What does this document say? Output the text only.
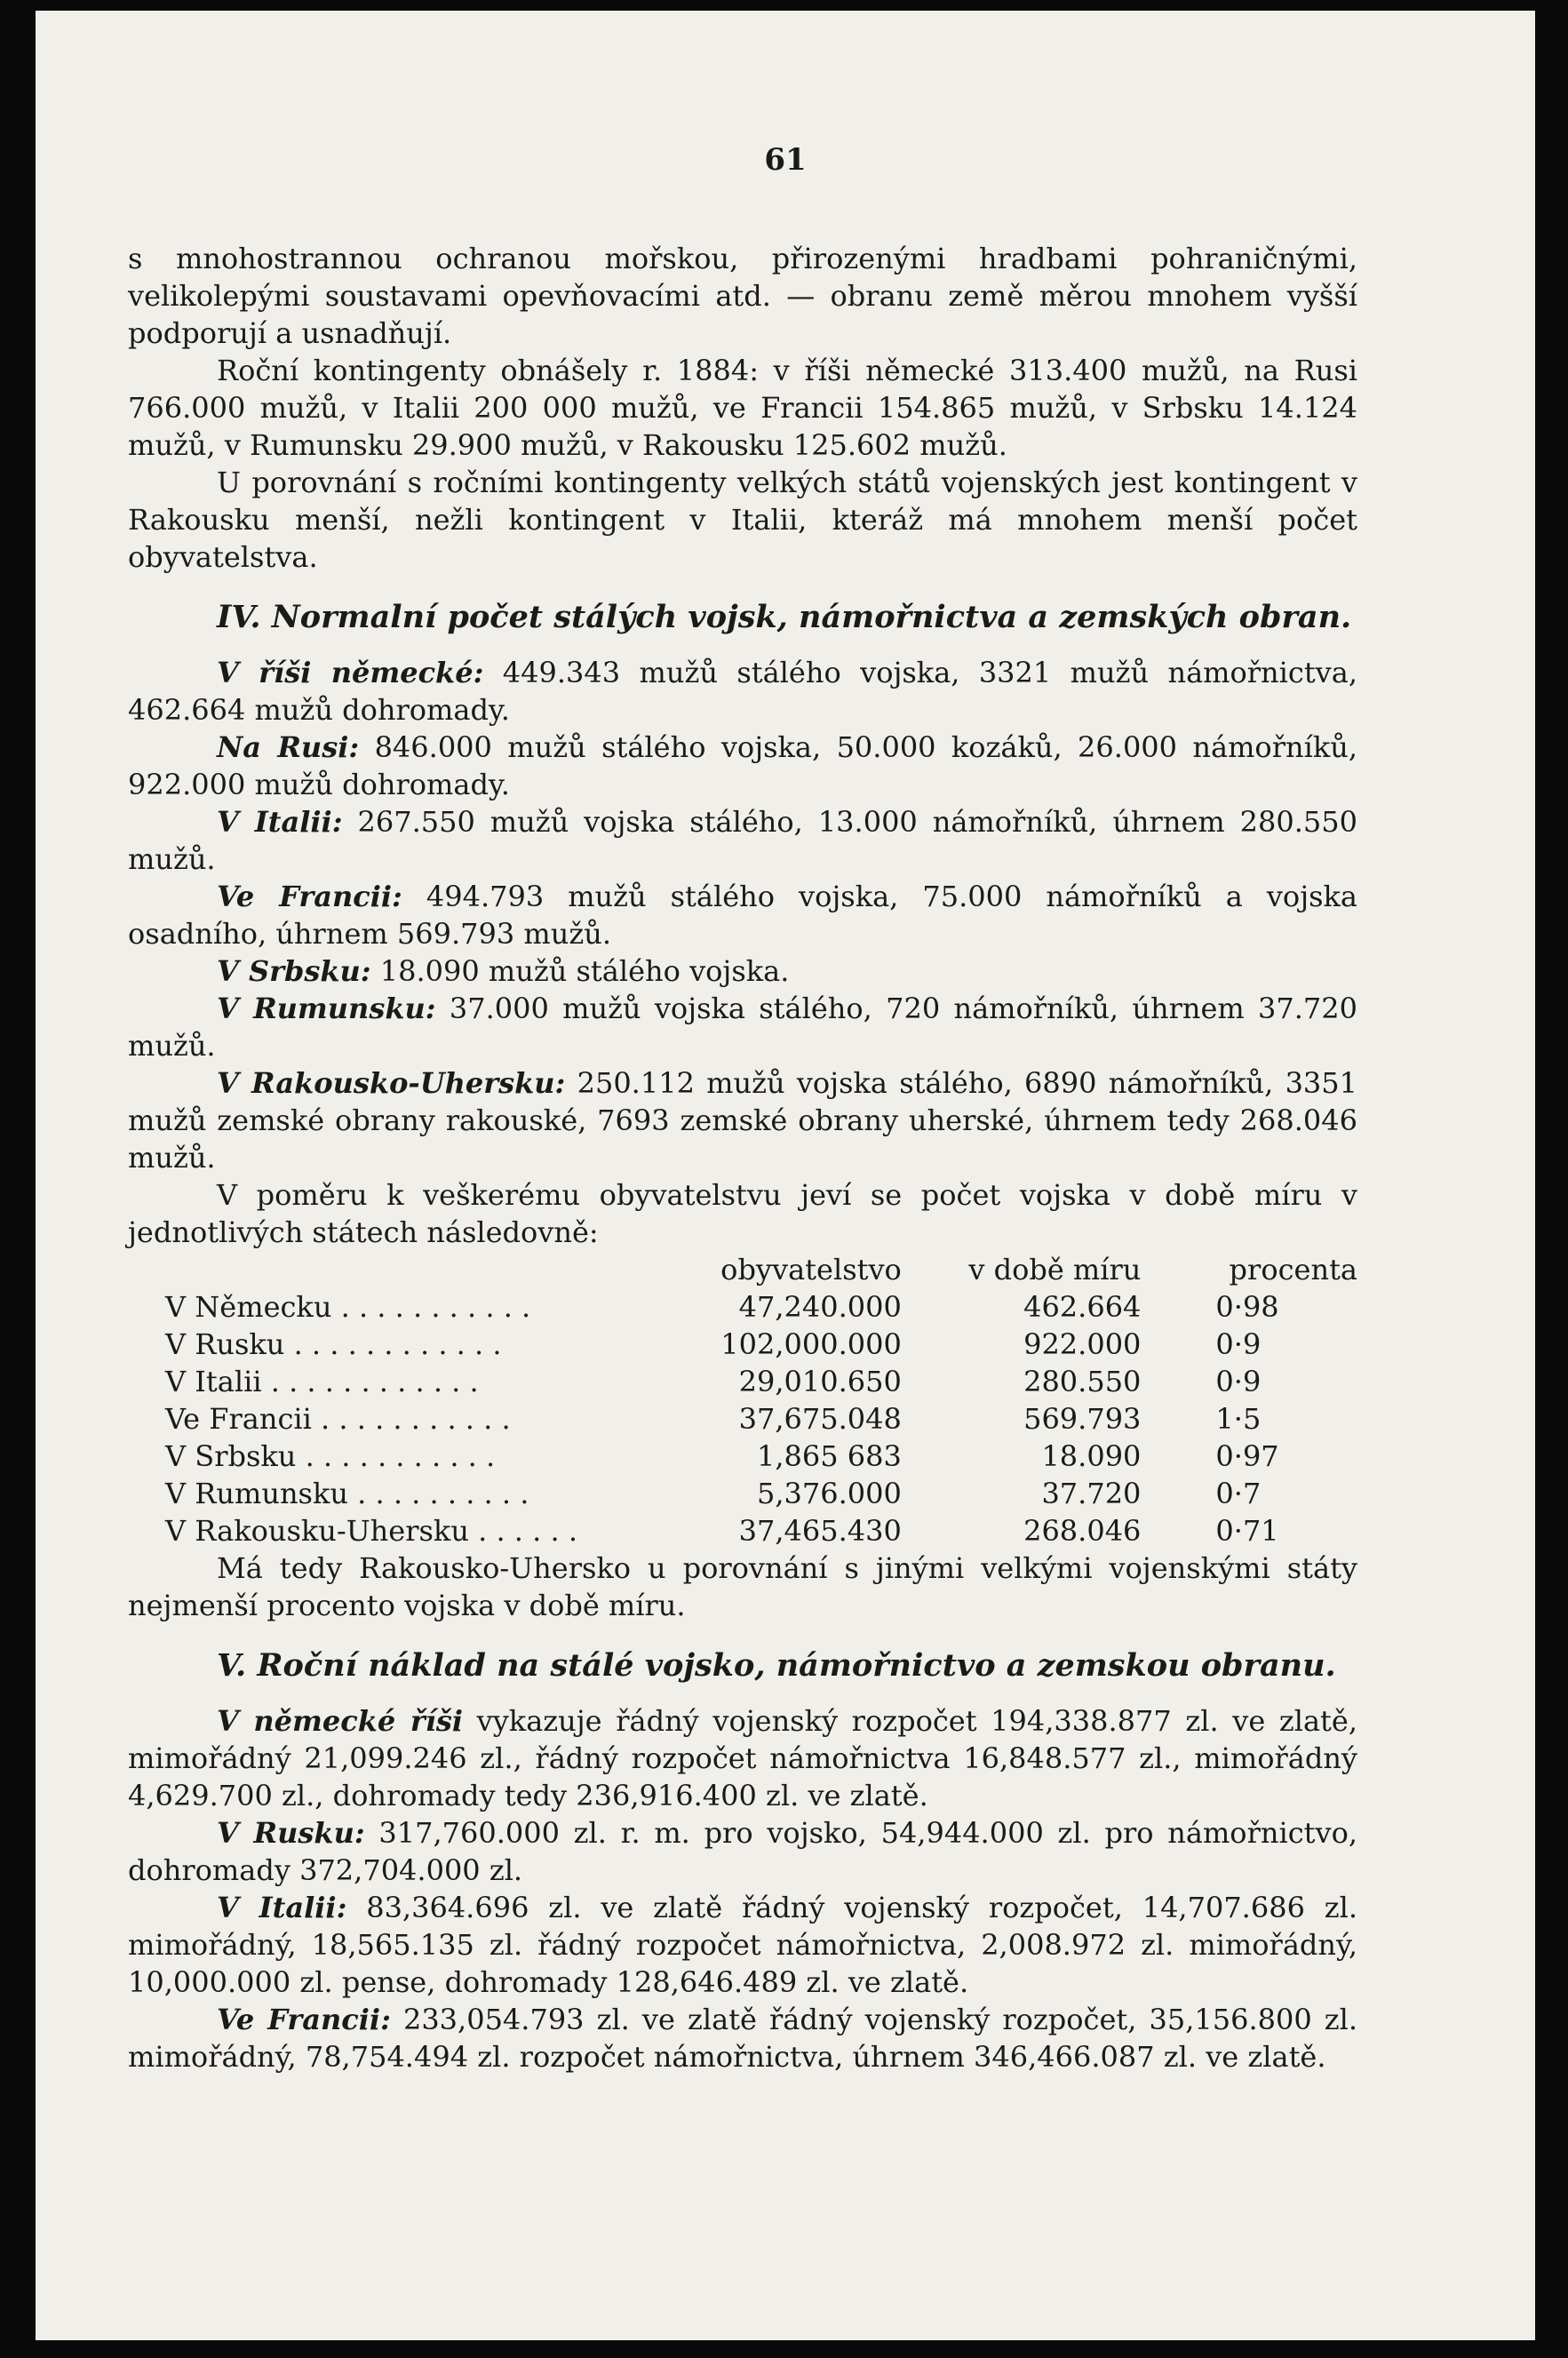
61

s mnohostrannou ochranou mořskou, přirozenými hradbami pohraničnými, velikolepými soustavami opevňovacími atd. — obranu země měrou mnohem vyšší podporují a usnadňují.

Roční kontingenty obnášely r. 1884: v říši německé 313.400 mužů, na Rusi 766.000 mužů, v Italii 200 000 mužů, ve Francii 154.865 mužů, v Srbsku 14.124 mužů, v Rumunsku 29.900 mužů, v Rakousku 125.602 mužů.

U porovnání s ročními kontingenty velkých států vojenských jest kontingent v Rakousku menší, nežli kontingent v Italii, kteráž má mnohem menší počet obyvatelstva.

IV. Normalní počet stálých vojsk, námořnictva a zemských obran.

V říši německé: 449.343 mužů stálého vojska, 3321 mužů námořnictva, 462.664 mužů dohromady.

Na Rusi: 846.000 mužů stálého vojska, 50.000 kozáků, 26.000 námořníků, 922.000 mužů dohromady.

V Italii: 267.550 mužů vojska stálého, 13.000 námořníků, úhrnem 280.550 mužů.

Ve Francii: 494.793 mužů stálého vojska, 75.000 námořníků a vojska osadního, úhrnem 569.793 mužů.

V Srbsku: 18.090 mužů stálého vojska.

V Rumunsku: 37.000 mužů vojska stálého, 720 námořníků, úhrnem 37.720 mužů.

V Rakousko-Uhersku: 250.112 mužů vojska stálého, 6890 námořníků, 3351 mužů zemské obrany rakouské, 7693 zemské obrany uherské, úhrnem tedy 268.046 mužů.

V poměru k veškerému obyvatelstvu jeví se počet vojska v době míru v jednotlivých státech následovně:

	obyvatelstvo	v době míru	procenta
V Německu . . . . . . . . . . .	47,240.000	462.664	0·98
V Rusku . . . . . . . . . . . .	102,000.000	922.000	0·9
V Italii . . . . . . . . . . . .	29,010.650	280.550	0·9
Ve Francii . . . . . . . . . . .	37,675.048	569.793	1·5
V Srbsku . . . . . . . . . . .	1,865 683	18.090	0·97
V Rumunsku . . . . . . . . . .	5,376.000	37.720	0·7
V Rakousku-Uhersku . . . . . .	37,465.430	268.046	0·71

Má tedy Rakousko-Uhersko u porovnání s jinými velkými vojenskými státy nejmenší procento vojska v době míru.

V. Roční náklad na stálé vojsko, námořnictvo a zemskou obranu.

V německé říši vykazuje řádný vojenský rozpočet 194,338.877 zl. ve zlatě, mimořádný 21,099.246 zl., řádný rozpočet námořnictva 16,848.577 zl., mimořádný 4,629.700 zl., dohromady tedy 236,916.400 zl. ve zlatě.

V Rusku: 317,760.000 zl. r. m. pro vojsko, 54,944.000 zl. pro námořnictvo, dohromady 372,704.000 zl.

V Italii: 83,364.696 zl. ve zlatě řádný vojenský rozpočet, 14,707.686 zl. mimořádný, 18,565.135 zl. řádný rozpočet námořnictva, 2,008.972 zl. mimořádný, 10,000.000 zl. pense, dohromady 128,646.489 zl. ve zlatě.

Ve Francii: 233,054.793 zl. ve zlatě řádný vojenský rozpočet, 35,156.800 zl. mimořádný, 78,754.494 zl. rozpočet námořnictva, úhrnem 346,466.087 zl. ve zlatě.
